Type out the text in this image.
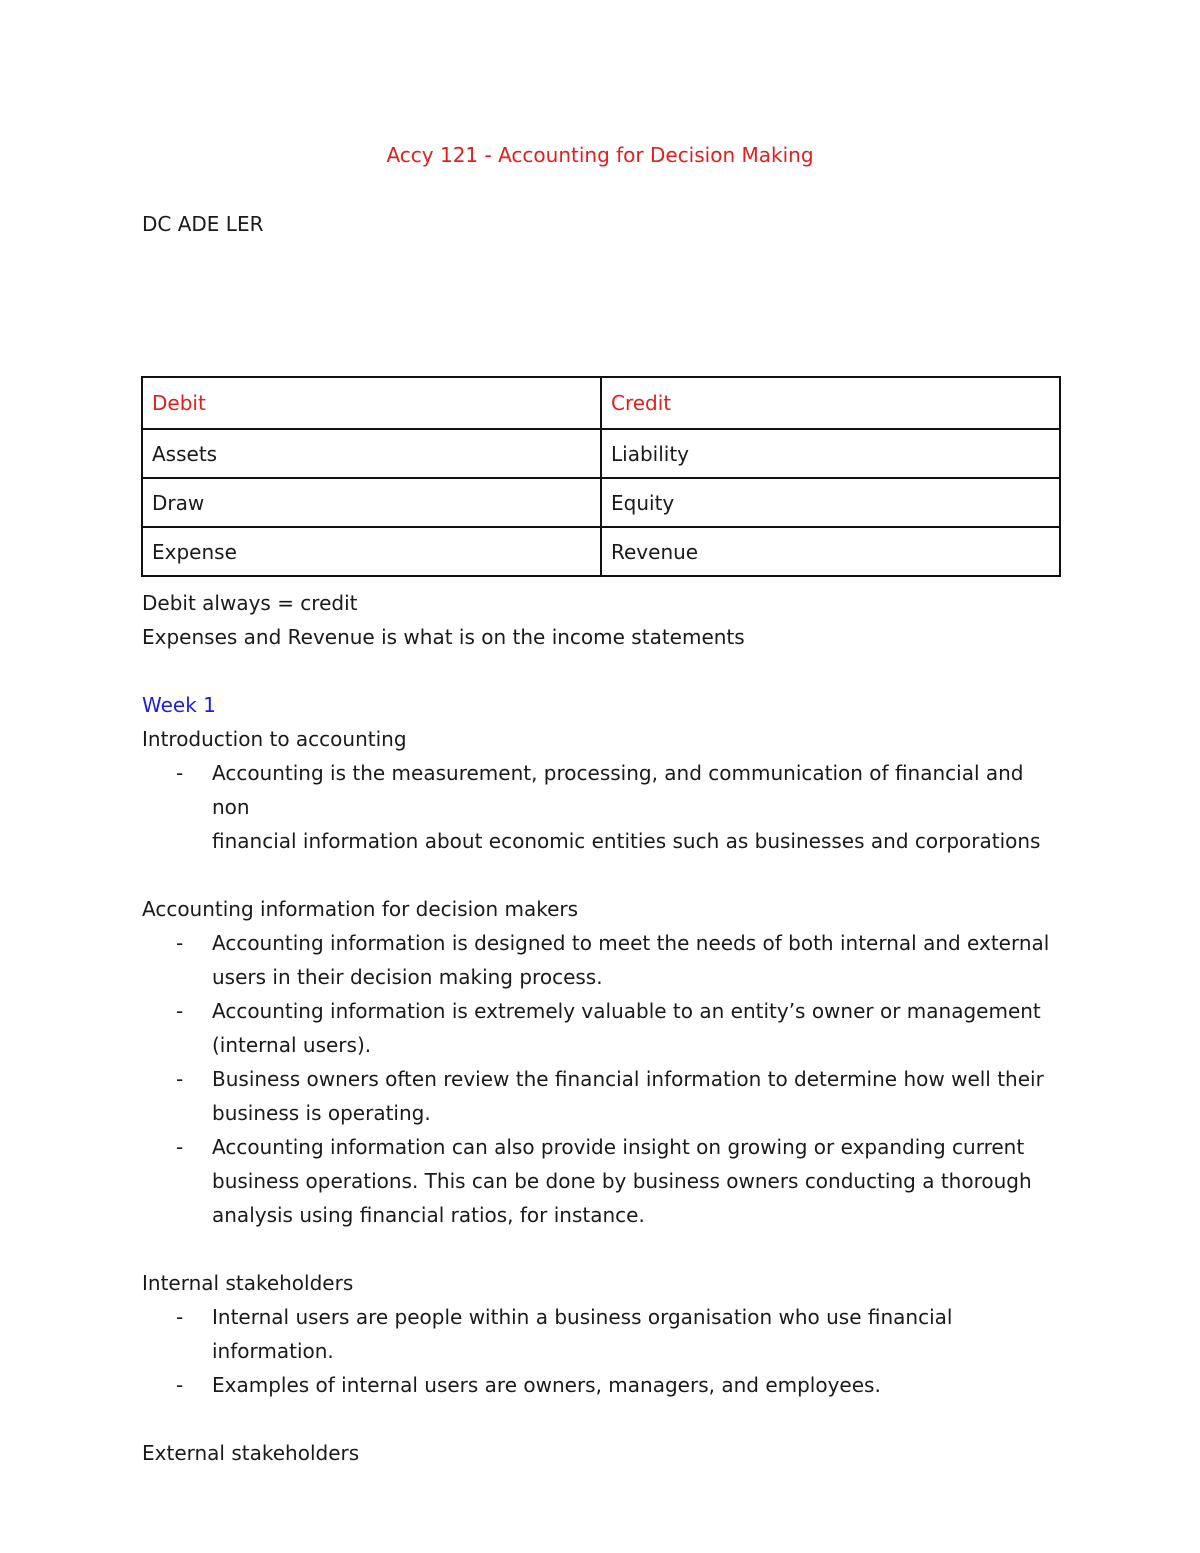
Accy 121 - Accounting for Decision Making
DC ADE LER
Debit	Credit
Assets	Liability
Draw	Equity
Expense	Revenue
Debit always = credit
Expenses and Revenue is what is on the income statements
Week 1
Introduction to accounting
- Accounting is the measurement, processing, and communication of financial and non
financial information about economic entities such as businesses and corporations
Accounting information for decision makers
- Accounting information is designed to meet the needs of both internal and external
users in their decision making process.
- Accounting information is extremely valuable to an entity’s owner or management
(internal users).
- Business owners often review the financial information to determine how well their
business is operating.
- Accounting information can also provide insight on growing or expanding current
business operations. This can be done by business owners conducting a thorough
analysis using financial ratios, for instance.
Internal stakeholders
- Internal users are people within a business organisation who use financial information.
- Examples of internal users are owners, managers, and employees.
External stakeholders
